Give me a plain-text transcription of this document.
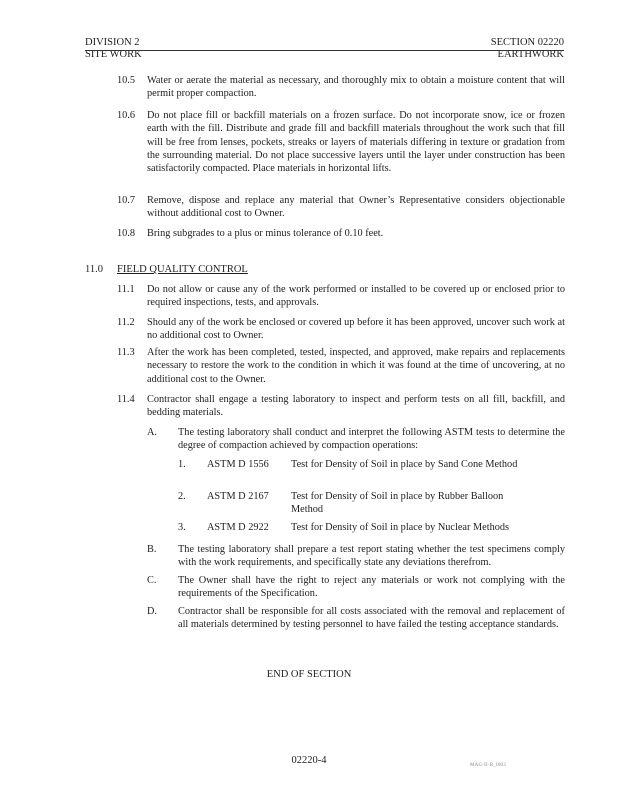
DIVISION 2	SECTION 02220
SITE WORK	EARTHWORK
10.5 Water or aerate the material as necessary, and thoroughly mix to obtain a moisture content that will permit proper compaction.
10.6 Do not place fill or backfill materials on a frozen surface. Do not incorporate snow, ice or frozen earth with the fill. Distribute and grade fill and backfill materials throughout the work such that fill will be free from lenses, pockets, streaks or layers of materials differing in texture or gradation from the surrounding material. Do not place successive layers until the layer under construction has been satisfactorily compacted. Place materials in horizontal lifts.
10.7 Remove, dispose and replace any material that Owner’s Representative considers objectionable without additional cost to Owner.
10.8 Bring subgrades to a plus or minus tolerance of 0.10 feet.
11.0 FIELD QUALITY CONTROL
11.1 Do not allow or cause any of the work performed or installed to be covered up or enclosed prior to required inspections, tests, and approvals.
11.2 Should any of the work be enclosed or covered up before it has been approved, uncover such work at no additional cost to Owner.
11.3 After the work has been completed, tested, inspected, and approved, make repairs and replacements necessary to restore the work to the condition in which it was found at the time of uncovering, at no additional cost to the Owner.
11.4 Contractor shall engage a testing laboratory to inspect and perform tests on all fill, backfill, and bedding materials.
A. The testing laboratory shall conduct and interpret the following ASTM tests to determine the degree of compaction achieved by compaction operations:
1. ASTM D 1556 Test for Density of Soil in place by Sand Cone Method
2. ASTM D 2167 Test for Density of Soil in place by Rubber Balloon Method
3. ASTM D 2922 Test for Density of Soil in place by Nuclear Methods
B. The testing laboratory shall prepare a test report stating whether the test specimens comply with the work requirements, and specifically state any deviations therefrom.
C. The Owner shall have the right to reject any materials or work not complying with the requirements of the Specification.
D. Contractor shall be responsible for all costs associated with the removal and replacement of all materials determined by testing personnel to have failed the testing acceptance standards.
END OF SECTION
02220-4	MAG-II-B_I003
